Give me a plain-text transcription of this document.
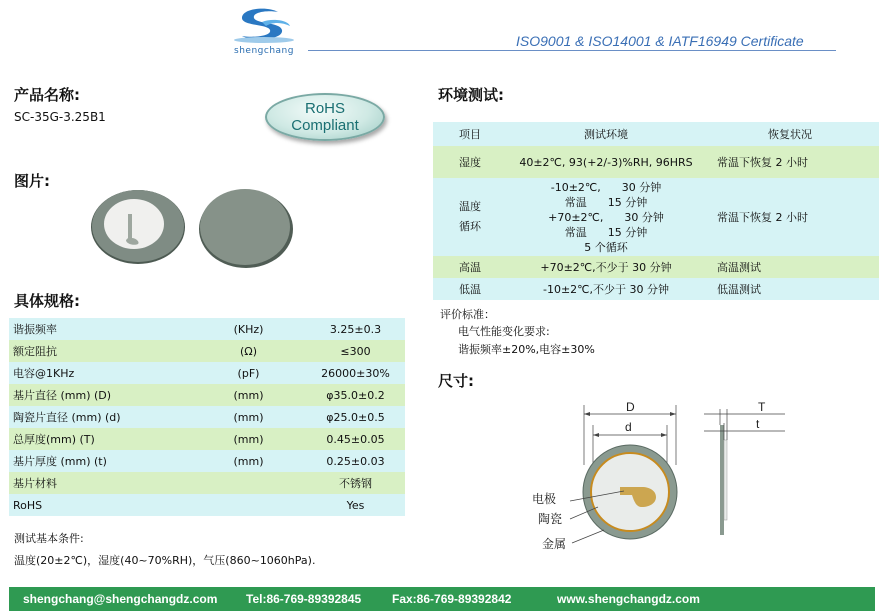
shengchang
ISO9001 & ISO14001 & IATF16949 Certificate
产品名称:
SC-35G-3.25B1	RoHS
Compliant
图片:
具体规格:
谐振频率	(KHz)	3.25±0.3
额定阻抗	(Ω)	≤300
电容@1KHz	(pF)	26000±30%
基片直径 (mm) (D)	(mm)	φ35.0±0.2
陶瓷片直径 (mm) (d)	(mm)	φ25.0±0.5
总厚度(mm) (T)	(mm)	0.45±0.05
基片厚度 (mm) (t)	(mm)	0.25±0.03
基片材料		不锈钢
RoHS		Yes
测试基本条件:
温度(20±2℃)，湿度(40~70%RH)，气压(860~1060hPa).
环境测试:
项目	测试环境	恢复状况
湿度	40±2℃, 93(+2/-3)%RH, 96HRS	常温下恢复 2 小时
温度 循环	-10±2℃,      30 分钟
常温      15 分钟
+70±2℃,      30 分钟
常温      15 分钟
5 个循环	常温下恢复 2 小时
高温	+70±2℃,不少于 30 分钟	高温测试
低温	-10±2℃,不少于 30 分钟	低温测试
评价标准：
电气性能变化要求:
谐振频率±20%,电容±30%
尺寸:
D
d
电极
陶瓷
金属
T
t
shengchang@shengchangdz.com Tel:86-769-89392845	Fax:86-769-89392842	www.shengchangdz.com
